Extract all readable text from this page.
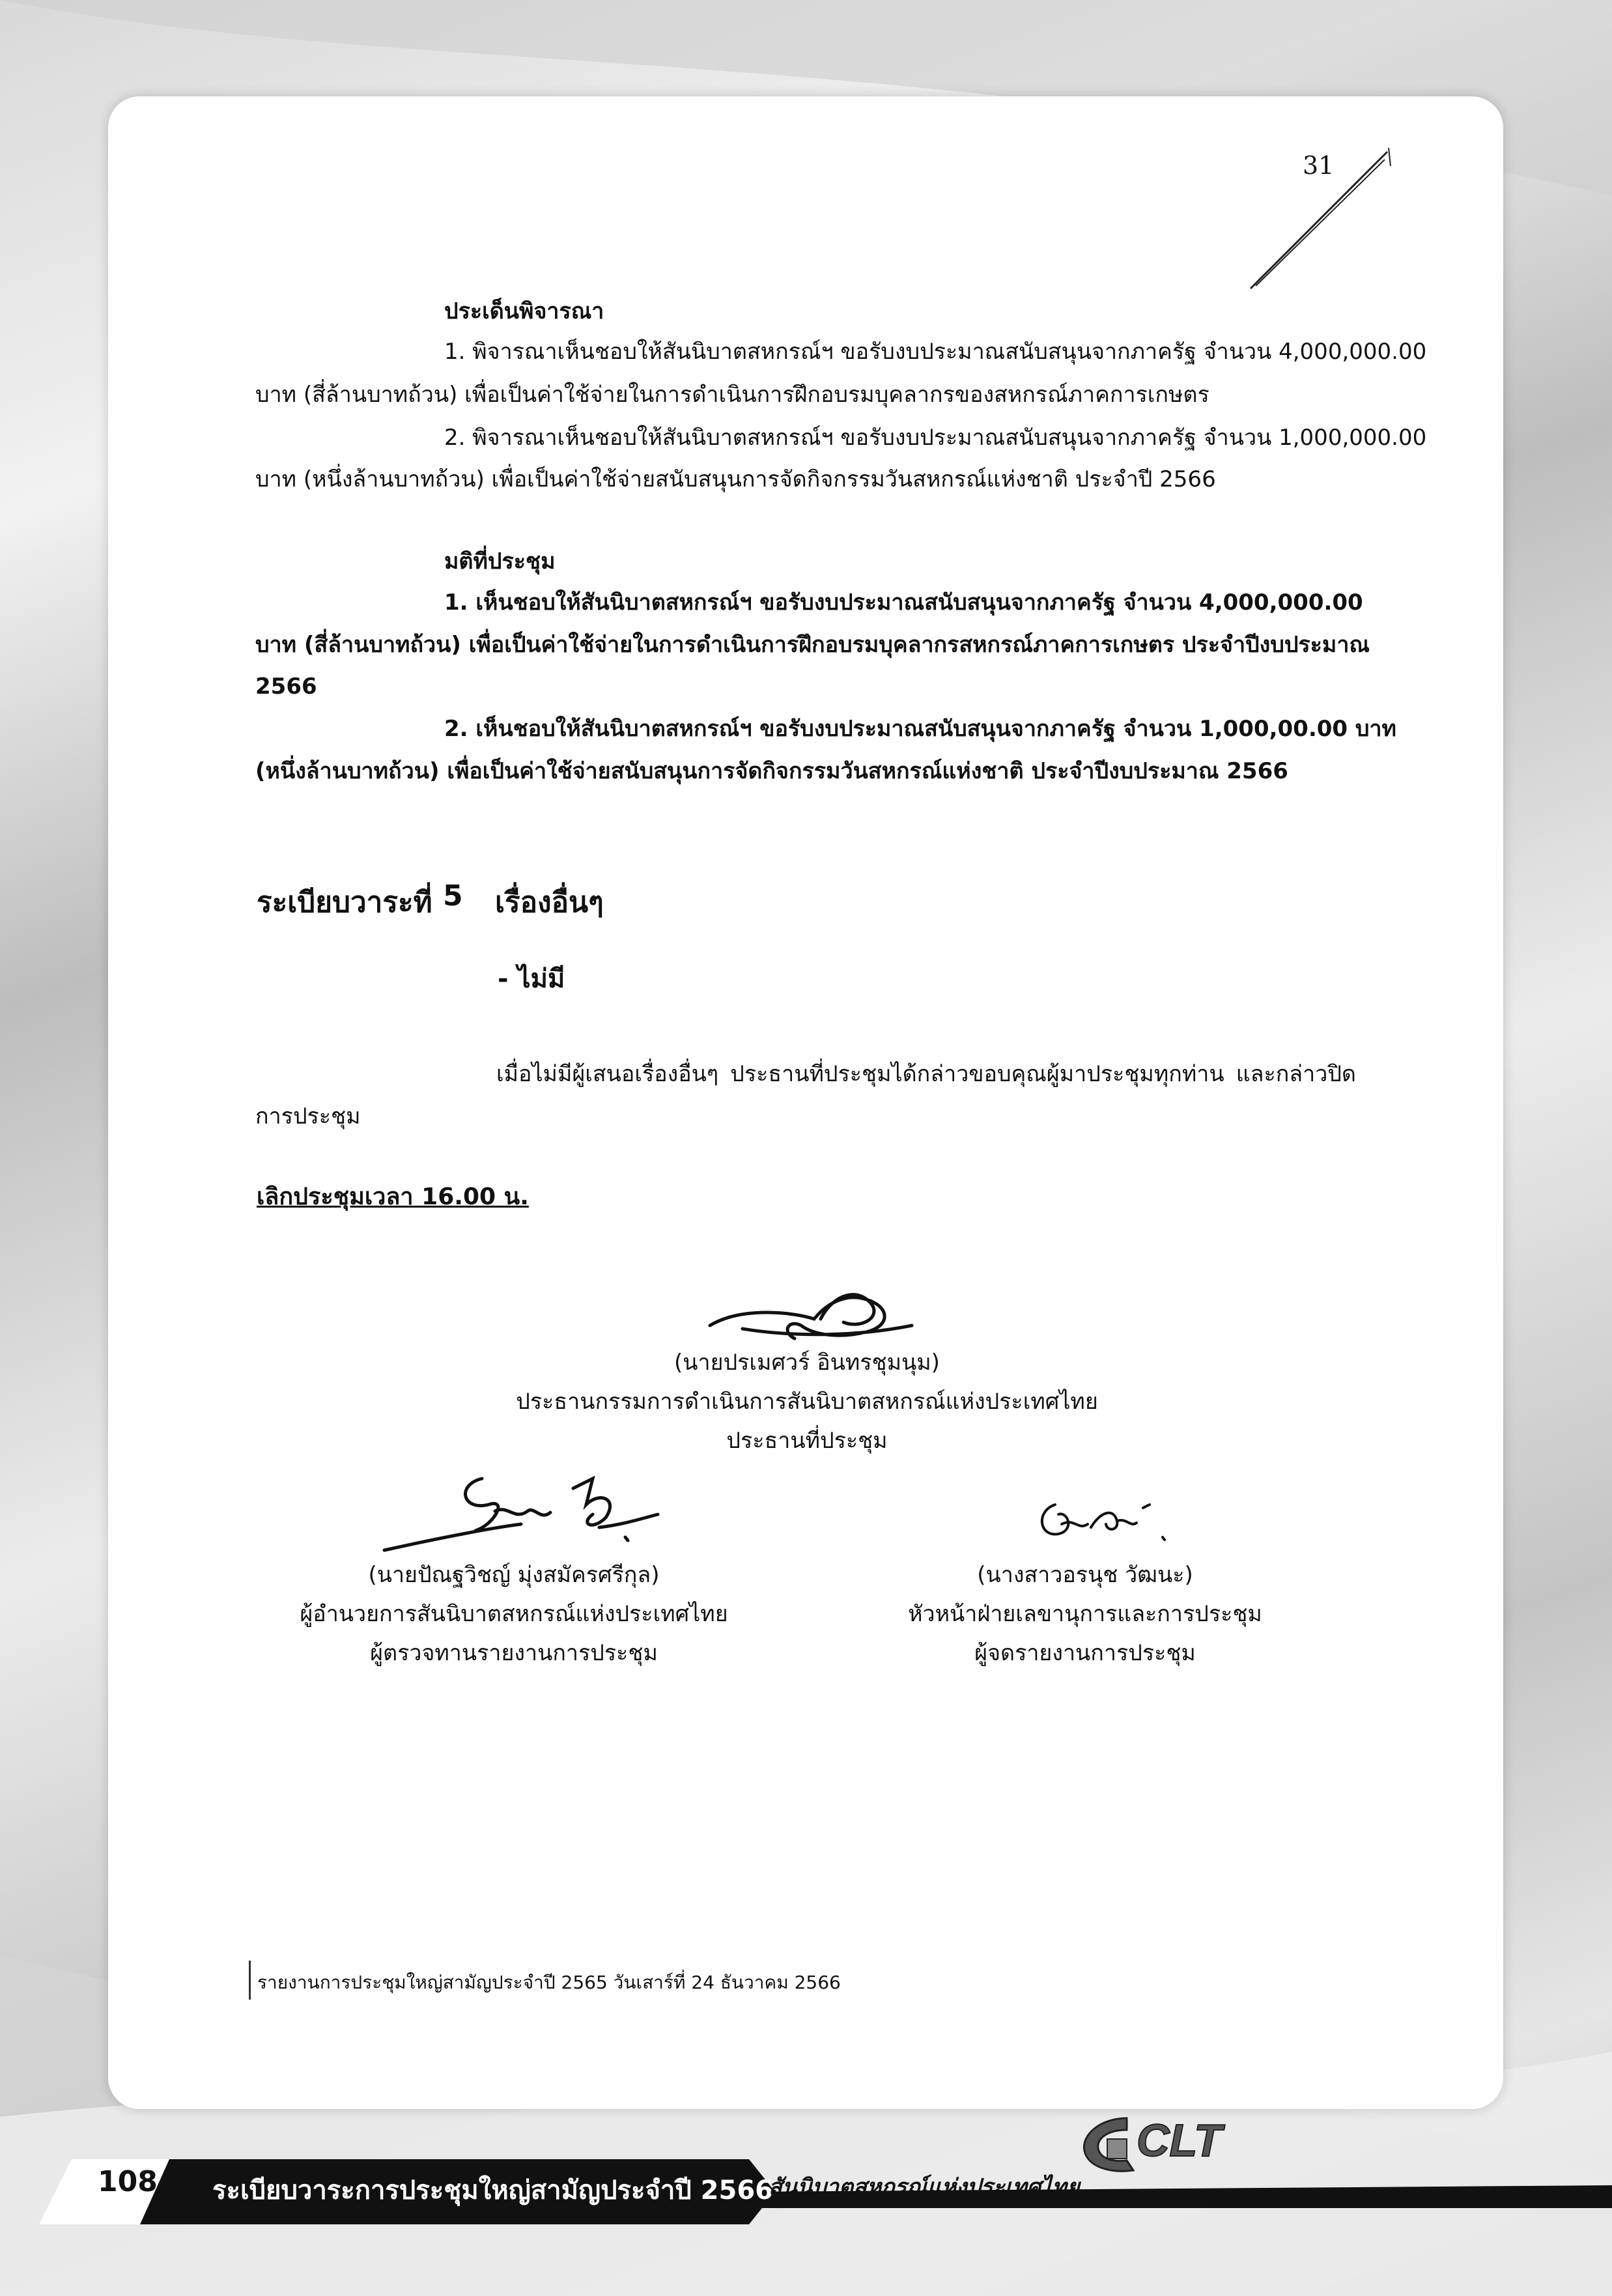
31
ประเด็นพิจารณา
1. พิจารณาเห็นชอบให้สันนิบาตสหกรณ์ฯ ขอรับงบประมาณสนับสนุนจากภาครัฐ จำนวน 4,000,000.00
บาท (สี่ล้านบาทถ้วน) เพื่อเป็นค่าใช้จ่ายในการดำเนินการฝึกอบรมบุคลากรของสหกรณ์ภาคการเกษตร
2. พิจารณาเห็นชอบให้สันนิบาตสหกรณ์ฯ ขอรับงบประมาณสนับสนุนจากภาครัฐ จำนวน 1,000,000.00
บาท (หนึ่งล้านบาทถ้วน) เพื่อเป็นค่าใช้จ่ายสนับสนุนการจัดกิจกรรมวันสหกรณ์แห่งชาติ ประจำปี 2566
มติที่ประชุม
1. เห็นชอบให้สันนิบาตสหกรณ์ฯ ขอรับงบประมาณสนับสนุนจากภาครัฐ จำนวน 4,000,000.00
บาท (สี่ล้านบาทถ้วน) เพื่อเป็นค่าใช้จ่ายในการดำเนินการฝึกอบรมบุคลากรสหกรณ์ภาคการเกษตร ประจำปีงบประมาณ
2566
2. เห็นชอบให้สันนิบาตสหกรณ์ฯ ขอรับงบประมาณสนับสนุนจากภาครัฐ จำนวน 1,000,00.00 บาท
(หนึ่งล้านบาทถ้วน) เพื่อเป็นค่าใช้จ่ายสนับสนุนการจัดกิจกรรมวันสหกรณ์แห่งชาติ ประจำปีงบประมาณ 2566
ระเบียบวาระที่ 5 เรื่องอื่นๆ
- ไม่มี
เมื่อไม่มีผู้เสนอเรื่องอื่นๆ ประธานที่ประชุมได้กล่าวขอบคุณผู้มาประชุมทุกท่าน และกล่าวปิด
การประชุม
เลิกประชุมเวลา 16.00 น.
(นายปรเมศวร์ อินทรชุมนุม)
ประธานกรรมการดำเนินการสันนิบาตสหกรณ์แห่งประเทศไทย
ประธานที่ประชุม
(นายปัณฐวิชญ์ มุ่งสมัครศรีกุล)
ผู้อำนวยการสันนิบาตสหกรณ์แห่งประเทศไทย
ผู้ตรวจทานรายงานการประชุม
(นางสาวอรนุช วัฒนะ)
หัวหน้าฝ่ายเลขานุการและการประชุม
ผู้จดรายงานการประชุม
รายงานการประชุมใหญ่สามัญประจำปี 2565 วันเสาร์ที่ 24 ธันวาคม 2566
108 ระเบียบวาระการประชุมใหญ่สามัญประจำปี 2566
สันนิบาตสหกรณ์แห่งประเทศไทย
CLT
